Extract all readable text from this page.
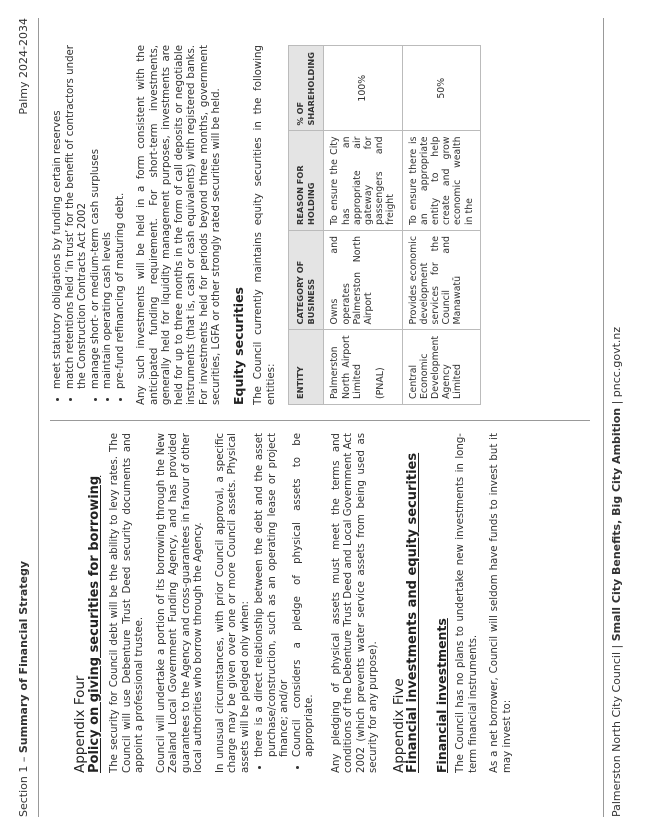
Section 1 – Summary of Financial Strategy
Palmy 2024-2034
Appendix Four
Policy on giving securities for borrowing The security for Council debt will be the ability to levy rates. The Council will use Debenture Trust Deed security documents and appoint a professional trustee. Council will undertake a portion of its borrowing through the New Zealand Local Government Funding Agency, and has provided guarantees to the Agency and cross-guarantees in favour of other local authorities who borrow through the Agency. In unusual circumstances, with prior Council approval, a specific charge may be given over one or more Council assets. Physical assets will be pledged only when: • there is a direct relationship between the debt and the asset purchase/construction, such as an operating lease or project finance; and/or • Council considers a pledge of physical assets to be appropriate. Any pledging of physical assets must meet the terms and conditions of the Debenture Trust Deed and Local Government Act 2002 (which prevents water service assets from being used as security for any purpose). Appendix Five
Financial investments and equity securities Financial investments The Council has no plans to undertake new investments in long-term financial instruments. As a net borrower, Council will seldom have funds to invest but it may invest to:

• meet statutory obligations by funding certain reserves • match retentions held ‘in trust’ for the benefit of contractors under the Construction Contracts Act 2002 • manage short- or medium-term cash surpluses • maintain operating cash levels • pre-fund refinancing of maturing debt. Any such investments will be held in a form consistent with the anticipated funding requirement. For short-term investments, generally held for liquidity management purposes, investments are held for up to three months in the form of call deposits or negotiable instruments (that is, cash or cash equivalents) with registered banks. For investments held for periods beyond three months, government securities, LGFA or other strongly rated securities will be held. Equity securities The Council currently maintains equity securities in the following entities: ENTITY	CATEGORY OF BUSINESS	REASON FOR HOLDING	% OF SHAREHOLDING

Palmerston North Airport Limited (PNAL)	Owns and operates Palmerston North Airport	To ensure the City has an appropriate air gateway for passengers and freight	100%
Central Economic Development Agency Limited	Provides economic development services for the Council and Manawatū	To ensure there is an appropriate entity to help create and grow economic wealth in the	50%
Palmerston North City Council | Small City Benefits, Big City Ambition | pncc.govt.nz
